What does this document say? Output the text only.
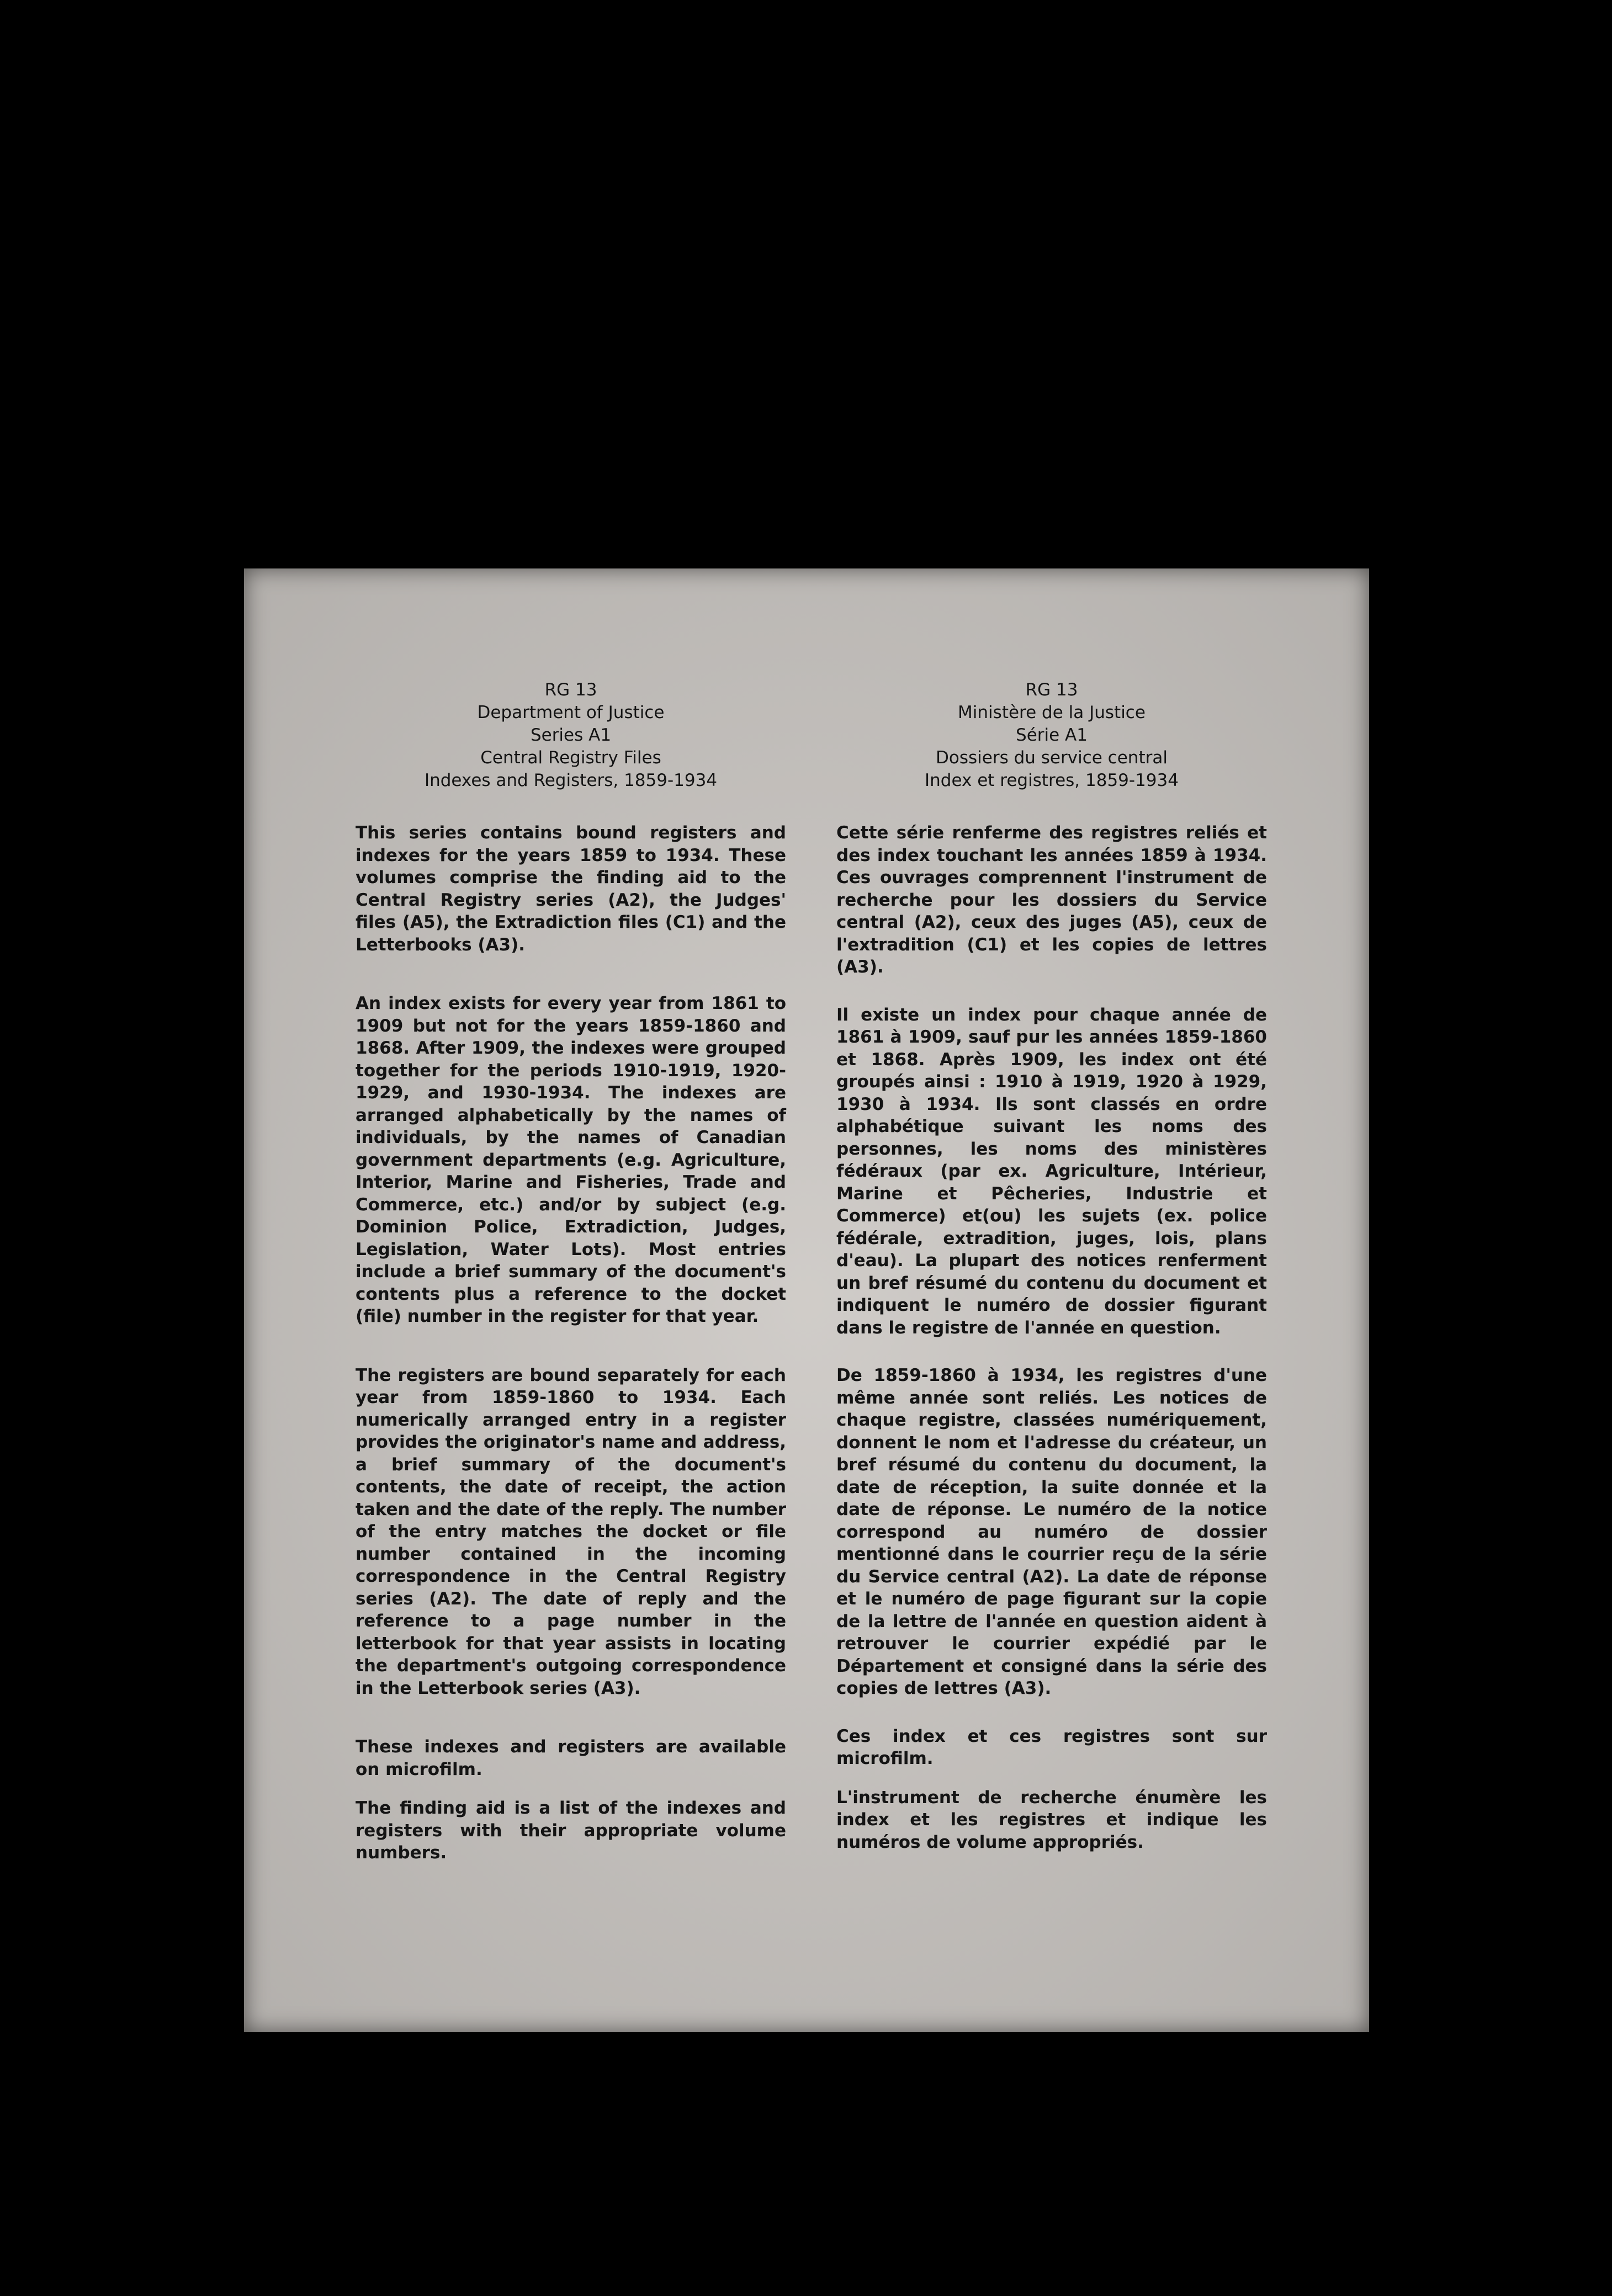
RG 13
Department of Justice
Series A1
Central Registry Files
Indexes and Registers, 1859-1934

This series contains bound registers and indexes for the years 1859 to 1934. These volumes comprise the finding aid to the Central Registry series (A2), the Judges' files (A5), the Extradiction files (C1) and the Letterbooks (A3).

An index exists for every year from 1861 to 1909 but not for the years 1859-1860 and 1868. After 1909, the indexes were grouped together for the periods 1910-1919, 1920-1929, and 1930-1934. The indexes are arranged alphabetically by the names of individuals, by the names of Canadian government departments (e.g. Agriculture, Interior, Marine and Fisheries, Trade and Commerce, etc.) and/or by subject (e.g. Dominion Police, Extradiction, Judges, Legislation, Water Lots). Most entries include a brief summary of the document's contents plus a reference to the docket (file) number in the register for that year.

The registers are bound separately for each year from 1859-1860 to 1934. Each numerically arranged entry in a register provides the originator's name and address, a brief summary of the document's contents, the date of receipt, the action taken and the date of the reply. The number of the entry matches the docket or file number contained in the incoming correspondence in the Central Registry series (A2). The date of reply and the reference to a page number in the letterbook for that year assists in locating the department's outgoing correspondence in the Letterbook series (A3).

These indexes and registers are available on microfilm.

The finding aid is a list of the indexes and registers with their appropriate volume numbers.

RG 13
Ministère de la Justice
Série A1
Dossiers du service central
Index et registres, 1859-1934

Cette série renferme des registres reliés et des index touchant les années 1859 à 1934. Ces ouvrages comprennent l'instrument de recherche pour les dossiers du Service central (A2), ceux des juges (A5), ceux de l'extradition (C1) et les copies de lettres (A3).

Il existe un index pour chaque année de 1861 à 1909, sauf pur les années 1859-1860 et 1868. Après 1909, les index ont été groupés ainsi : 1910 à 1919, 1920 à 1929, 1930 à 1934. Ils sont classés en ordre alphabétique suivant les noms des personnes, les noms des ministères fédéraux (par ex. Agriculture, Intérieur, Marine et Pêcheries, Industrie et Commerce) et(ou) les sujets (ex. police fédérale, extradition, juges, lois, plans d'eau). La plupart des notices renferment un bref résumé du contenu du document et indiquent le numéro de dossier figurant dans le registre de l'année en question.

De 1859-1860 à 1934, les registres d'une même année sont reliés. Les notices de chaque registre, classées numériquement, donnent le nom et l'adresse du créateur, un bref résumé du contenu du document, la date de réception, la suite donnée et la date de réponse. Le numéro de la notice correspond au numéro de dossier mentionné dans le courrier reçu de la série du Service central (A2). La date de réponse et le numéro de page figurant sur la copie de la lettre de l'année en question aident à retrouver le courrier expédié par le Département et consigné dans la série des copies de lettres (A3).

Ces index et ces registres sont sur microfilm.

L'instrument de recherche énumère les index et les registres et indique les numéros de volume appropriés.
